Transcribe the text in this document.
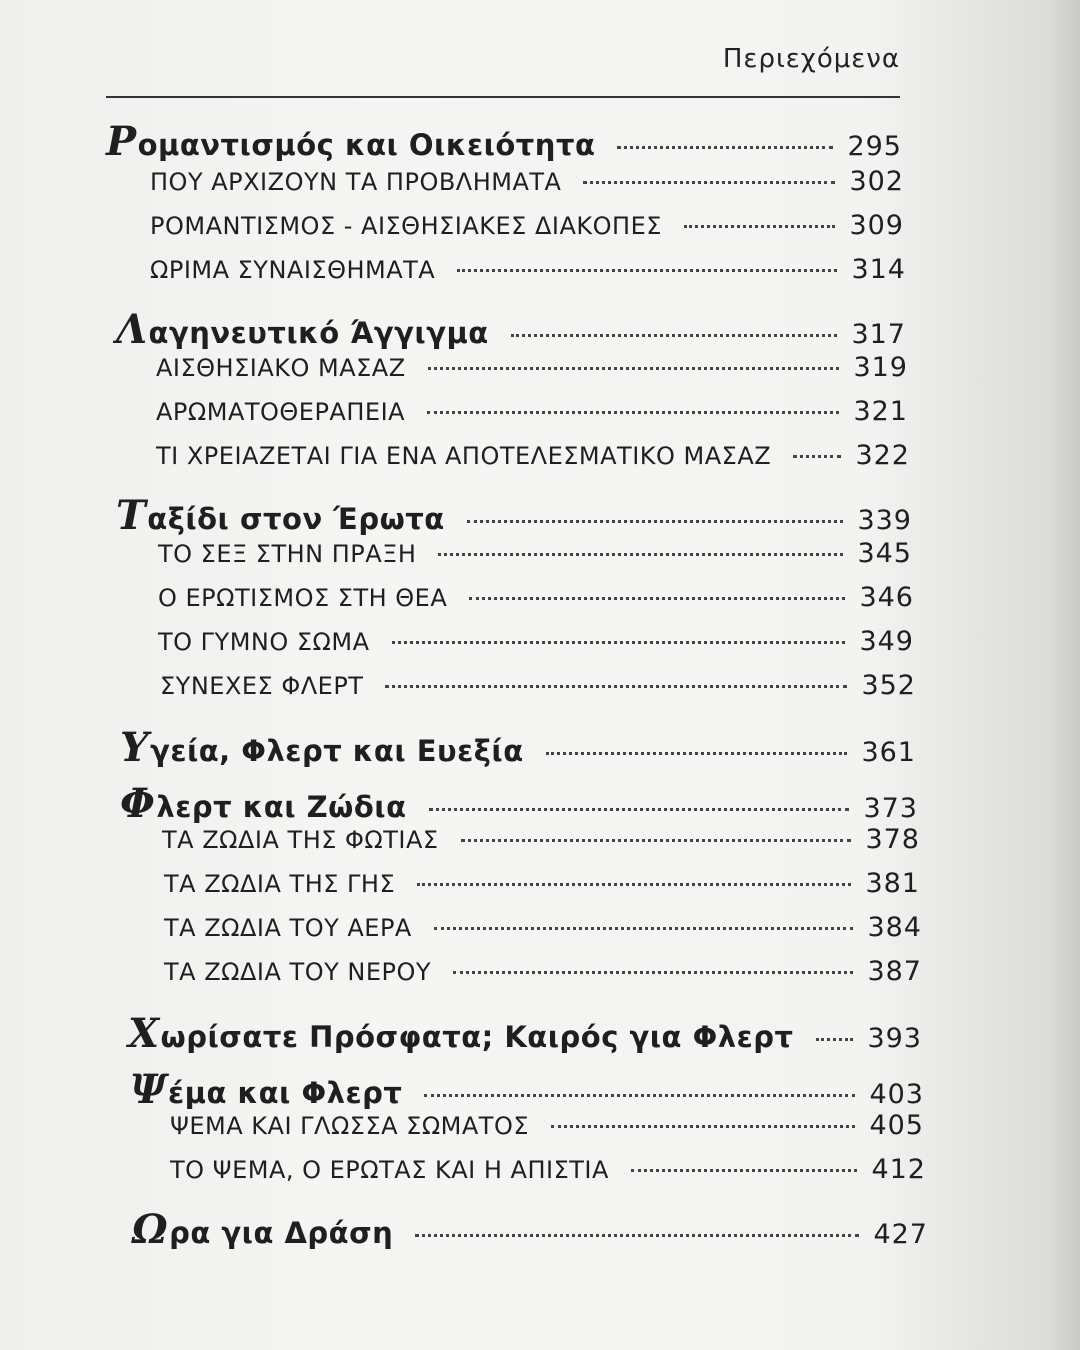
Περιεχόμενα
Ρομαντισμός και Οικειότητα	295
ΠΟΥ ΑΡΧΙΖΟΥΝ ΤΑ ΠΡΟΒΛΗΜΑΤΑ	302
ΡΟΜΑΝΤΙΣΜΟΣ - ΑΙΣΘΗΣΙΑΚΕΣ ΔΙΑΚΟΠΕΣ	309
ΩΡΙΜΑ ΣΥΝΑΙΣΘΗΜΑΤΑ	314
Λαγηνευτικό Άγγιγμα	317
ΑΙΣΘΗΣΙΑΚΟ ΜΑΣΑΖ	319
ΑΡΩΜΑΤΟΘΕΡΑΠΕΙΑ	321
ΤΙ ΧΡΕΙΑΖΕΤΑΙ ΓΙΑ ΕΝΑ ΑΠΟΤΕΛΕΣΜΑΤΙΚΟ ΜΑΣΑΖ	322
Ταξίδι στον Έρωτα	339
ΤΟ ΣΕΞ ΣΤΗΝ ΠΡΑΞΗ	345
Ο ΕΡΩΤΙΣΜΟΣ ΣΤΗ ΘΕΑ	346
ΤΟ ΓΥΜΝΟ ΣΩΜΑ	349
ΣΥΝΕΧΕΣ ΦΛΕΡΤ	352
Υγεία, Φλερτ και Ευεξία	361
Φλερτ και Ζώδια	373
ΤΑ ΖΩΔΙΑ ΤΗΣ ΦΩΤΙΑΣ	378
ΤΑ ΖΩΔΙΑ ΤΗΣ ΓΗΣ	381
ΤΑ ΖΩΔΙΑ ΤΟΥ ΑΕΡΑ	384
ΤΑ ΖΩΔΙΑ ΤΟΥ ΝΕΡΟΥ	387
Χωρίσατε Πρόσφατα; Καιρός για Φλερτ	393
Ψέμα και Φλερτ	403
ΨΕΜΑ ΚΑΙ ΓΛΩΣΣΑ ΣΩΜΑΤΟΣ	405
ΤΟ ΨΕΜΑ, Ο ΕΡΩΤΑΣ ΚΑΙ Η ΑΠΙΣΤΙΑ	412
Ωρα για Δράση	427
